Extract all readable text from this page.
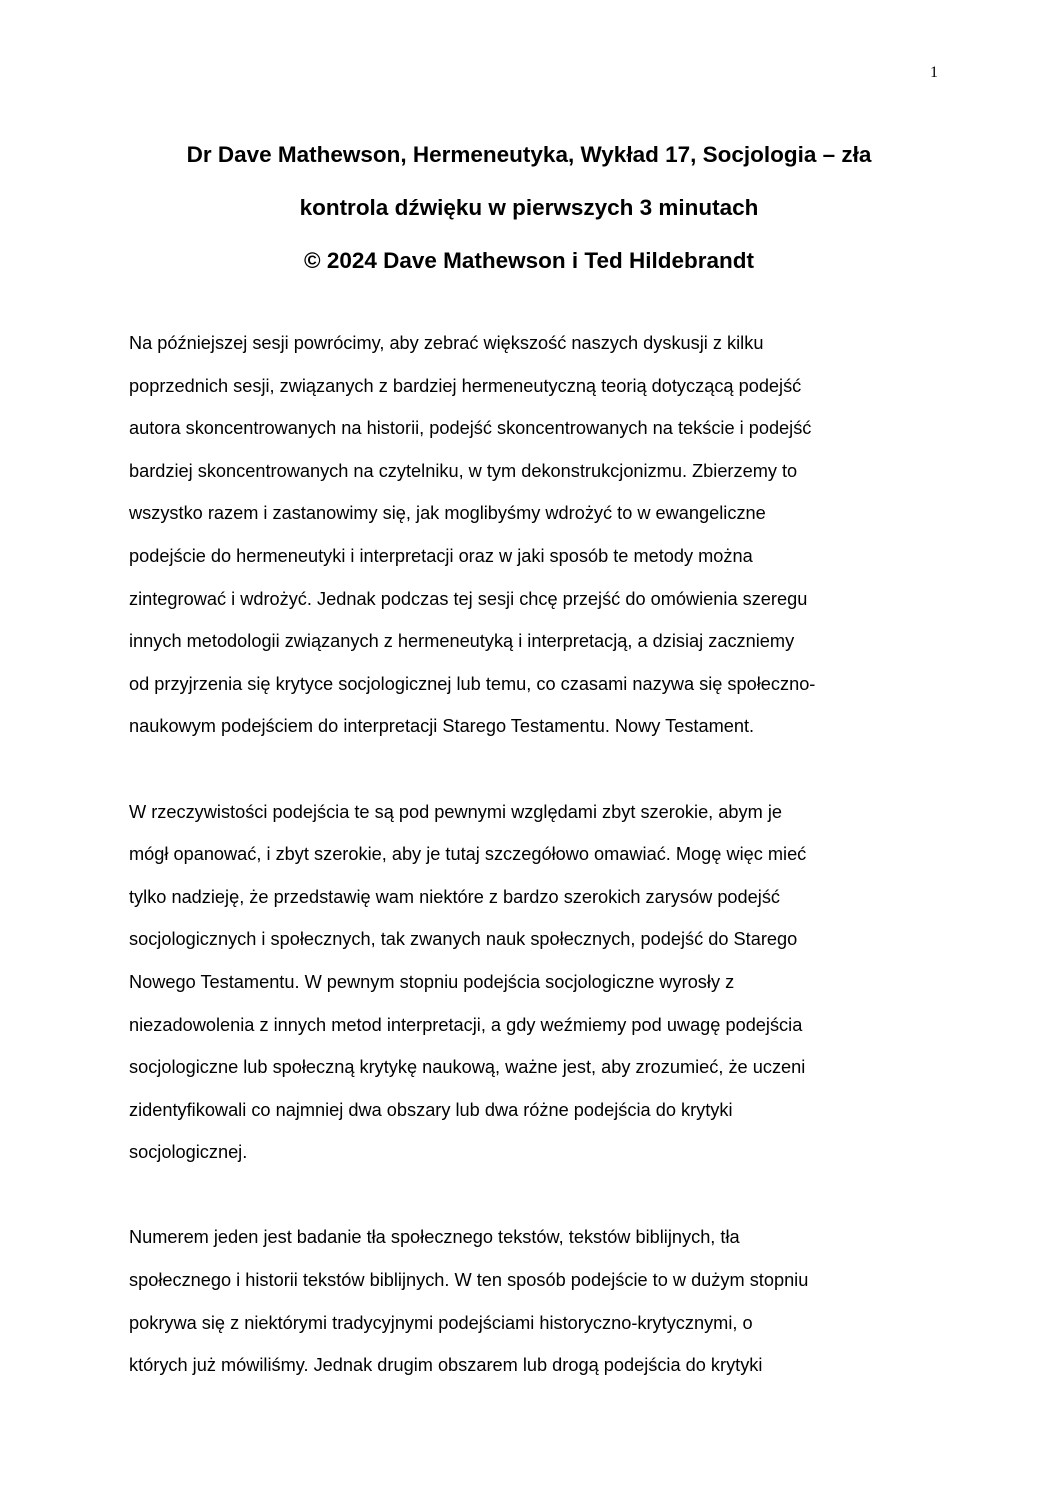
1
Dr Dave Mathewson, Hermeneutyka, Wykład 17, Socjologia – zła
kontrola dźwięku w pierwszych 3 minutach
© 2024 Dave Mathewson i Ted Hildebrandt

Na późniejszej sesji powrócimy, aby zebrać większość naszych dyskusji z kilku
poprzednich sesji, związanych z bardziej hermeneutyczną teorią dotyczącą podejść
autora skoncentrowanych na historii, podejść skoncentrowanych na tekście i podejść
bardziej skoncentrowanych na czytelniku, w tym dekonstrukcjonizmu. Zbierzemy to
wszystko razem i zastanowimy się, jak moglibyśmy wdrożyć to w ewangeliczne
podejście do hermeneutyki i interpretacji oraz w jaki sposób te metody można
zintegrować i wdrożyć. Jednak podczas tej sesji chcę przejść do omówienia szeregu
innych metodologii związanych z hermeneutyką i interpretacją, a dzisiaj zaczniemy
od przyjrzenia się krytyce socjologicznej lub temu, co czasami nazywa się społeczno-
naukowym podejściem do interpretacji Starego Testamentu. Nowy Testament.

W rzeczywistości podejścia te są pod pewnymi względami zbyt szerokie, abym je
mógł opanować, i zbyt szerokie, aby je tutaj szczegółowo omawiać. Mogę więc mieć
tylko nadzieję, że przedstawię wam niektóre z bardzo szerokich zarysów podejść
socjologicznych i społecznych, tak zwanych nauk społecznych, podejść do Starego
Nowego Testamentu. W pewnym stopniu podejścia socjologiczne wyrosły z
niezadowolenia z innych metod interpretacji, a gdy weźmiemy pod uwagę podejścia
socjologiczne lub społeczną krytykę naukową, ważne jest, aby zrozumieć, że uczeni
zidentyfikowali co najmniej dwa obszary lub dwa różne podejścia do krytyki
socjologicznej.

Numerem jeden jest badanie tła społecznego tekstów, tekstów biblijnych, tła
społecznego i historii tekstów biblijnych. W ten sposób podejście to w dużym stopniu
pokrywa się z niektórymi tradycyjnymi podejściami historyczno-krytycznymi, o
których już mówiliśmy. Jednak drugim obszarem lub drogą podejścia do krytyki
